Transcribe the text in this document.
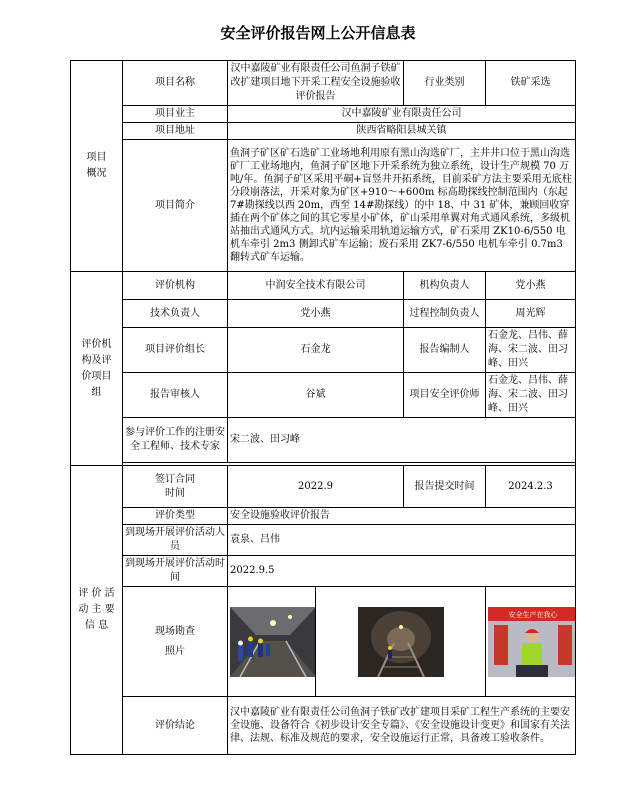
安全评价报告网上公开信息表
项目
概况	项目名称	汉中嘉陵矿业有限责任公司鱼洞子铁矿改扩建项目地下开采工程安全设施验收评价报告		行业类别	铁矿采选
	项目业主	汉中嘉陵矿业有限责任公司			
	项目地址	陕西省略阳县城关镇			
	项目简介	鱼洞子矿区矿石选矿工业场地利用原有黑山沟选矿厂，主井井口位于黑山沟选矿厂工业场地内，鱼洞子矿区地下开采系统为独立系统，设计生产规模 70 万吨/年。鱼洞子矿区采用平硐+盲竖井开拓系统，目前采矿方法主要采用无底柱分段崩落法，开采对象为矿区+910～+600m 标高勘探线控制范围内（东起 7#勘探线以西 20m，西至 14#勘探线）的中 18、中 31 矿体，兼顾回收穿插在两个矿体之间的其它零星小矿体，矿山采用单翼对角式通风系统，多级机站抽出式通风方式。坑内运输采用轨道运输方式，矿石采用 ZK10-6/550 电机车牵引 2m3 侧卸式矿车运输；废石采用 ZK7-6/550 电机车牵引 0.7m3 翻转式矿车运输。			
评价机
构及评
价项目
组	评价机构	中润安全技术有限公司		机构负责人	党小燕
	技术负责人	党小燕		过程控制负责人	周光辉
	项目评价组长	石金龙		报告编制人	石金龙、吕伟、薛海、宋二波、田习峰、田兴
	报告审核人	谷斌		项目安全评价师	石金龙、吕伟、薛海、宋二波、田习峰、田兴
	参与评价工作的注册安全工程师、技术专家	宋二波、田习峰			

评 价 活
动 主 要
信 息	签订合同
时间	2022.9		报告提交时间	2024.2.3
	评价类型	安全设施验收评价报告			
	到现场开展评价活动人员	袁泉、吕伟			
	到现场开展评价活动时间	2022.9.5			
	现场勘查
照片				安全生产在我心

	评价结论	汉中嘉陵矿业有限责任公司鱼洞子铁矿改扩建项目采矿工程生产系统的主要安全设施、设备符合《初步设计安全专篇》、《安全设施设计变更》和国家有关法律、法规、标准及规范的要求，安全设施运行正常，具备竣工验收条件。			
